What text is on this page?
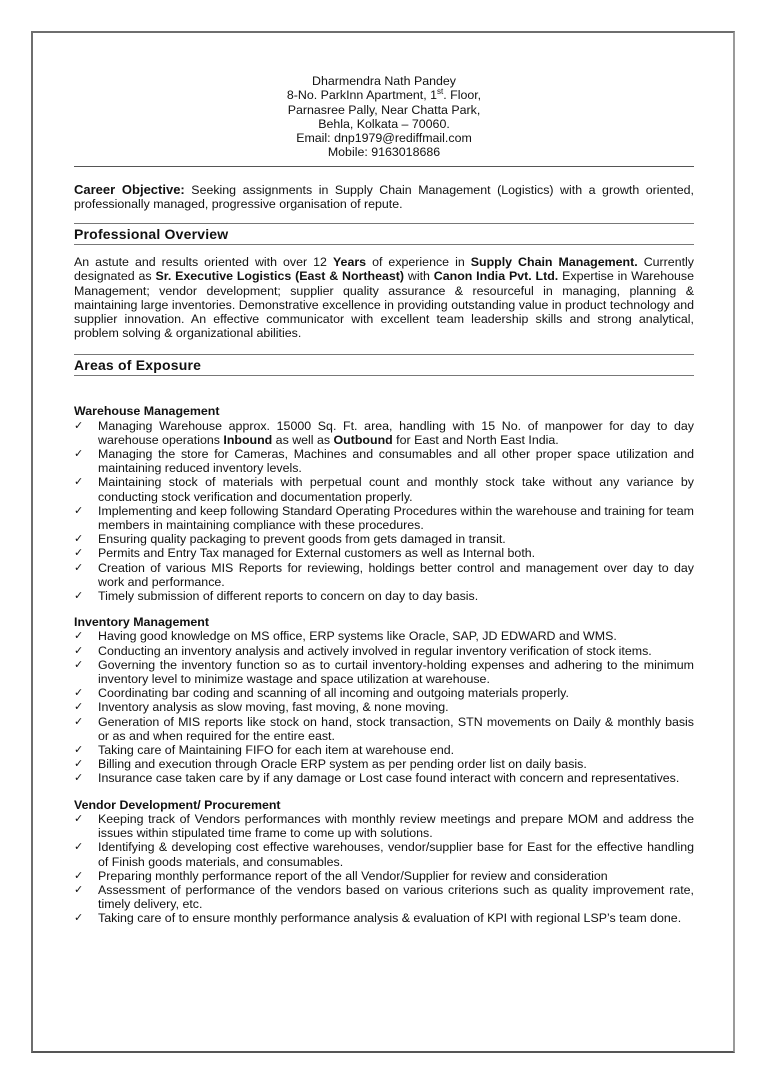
Dharmendra Nath Pandey
8-No. ParkInn Apartment, 1st. Floor,
Parnasree Pally, Near Chatta Park,
Behla, Kolkata – 70060.
Email: dnp1979@rediffmail.com
Mobile: 9163018686
Career Objective: Seeking assignments in Supply Chain Management (Logistics) with a growth oriented, professionally managed, progressive organisation of repute.
Professional Overview
An astute and results oriented with over 12 Years of experience in Supply Chain Management. Currently designated as Sr. Executive Logistics (East & Northeast) with Canon India Pvt. Ltd. Expertise in Warehouse Management; vendor development; supplier quality assurance & resourceful in managing, planning & maintaining large inventories. Demonstrative excellence in providing outstanding value in product technology and supplier innovation. An effective communicator with excellent team leadership skills and strong analytical, problem solving & organizational abilities.
Areas of Exposure
Warehouse Management
✓ Managing Warehouse approx. 15000 Sq. Ft. area, handling with 15 No. of manpower for day to day warehouse operations Inbound as well as Outbound for East and North East India.
✓ Managing the store for Cameras, Machines and consumables and all other proper space utilization and maintaining reduced inventory levels.
✓ Maintaining stock of materials with perpetual count and monthly stock take without any variance by conducting stock verification and documentation properly.
✓ Implementing and keep following Standard Operating Procedures within the warehouse and training for team members in maintaining compliance with these procedures.
✓ Ensuring quality packaging to prevent goods from gets damaged in transit.
✓ Permits and Entry Tax managed for External customers as well as Internal both.
✓ Creation of various MIS Reports for reviewing, holdings better control and management over day to day work and performance.
✓ Timely submission of different reports to concern on day to day basis.
Inventory Management
✓ Having good knowledge on MS office, ERP systems like Oracle, SAP, JD EDWARD and WMS.
✓ Conducting an inventory analysis and actively involved in regular inventory verification of stock items.
✓ Governing the inventory function so as to curtail inventory-holding expenses and adhering to the minimum inventory level to minimize wastage and space utilization at warehouse.
✓ Coordinating bar coding and scanning of all incoming and outgoing materials properly.
✓ Inventory analysis as slow moving, fast moving, & none moving.
✓ Generation of MIS reports like stock on hand, stock transaction, STN movements on Daily & monthly basis or as and when required for the entire east.
✓ Taking care of Maintaining FIFO for each item at warehouse end.
✓ Billing and execution through Oracle ERP system as per pending order list on daily basis.
✓ Insurance case taken care by if any damage or Lost case found interact with concern and representatives.
Vendor Development/ Procurement
✓ Keeping track of Vendors performances with monthly review meetings and prepare MOM and address the issues within stipulated time frame to come up with solutions.
✓ Identifying & developing cost effective warehouses, vendor/supplier base for East for the effective handling of Finish goods materials, and consumables.
✓ Preparing monthly performance report of the all Vendor/Supplier for review and consideration
✓ Assessment of performance of the vendors based on various criterions such as quality improvement rate, timely delivery, etc.
✓ Taking care of to ensure monthly performance analysis & evaluation of KPI with regional LSP’s team done.
